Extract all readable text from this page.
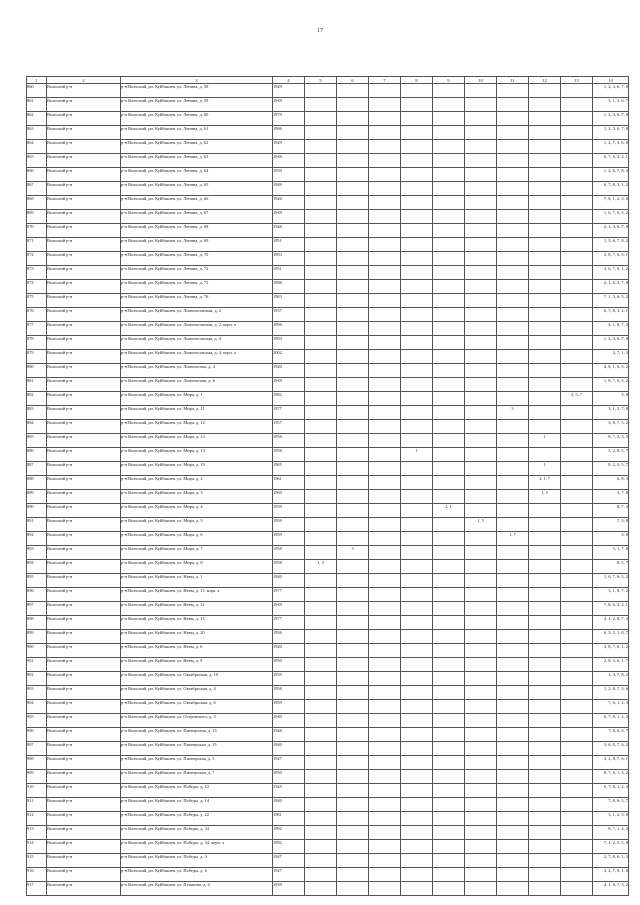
17
1	2	3	4	5	6	7	8	9	10	11	12	13	14
860	Вольский р-н	р-н Вольский, рп. Куйбышев, ул. Ленина, д. 58	1949										1, 2, 3, 6, 7, 8
861	Вольский р-н	р-н Вольский, рп. Куйбышев, ул. Ленина, д. 59	1949										3, 1, 2, 6, 7
862	Вольский р-н	р-н Вольский, рп. Куйбышев, ул. Ленина, д. 60	1979										1, 2, 3, 6, 7, 8
863	Вольский р-н	р-н Вольский, рп. Куйбышев, ул. Ленина, д. 61	1986										1, 2, 3, 6, 7, 8
864	Вольский р-н	р-н Вольский, рп. Куйбышев, ул. Ленина, д. 62	1949										1, 2, 7, 3, 6, 8
865	Вольский р-н	р-н Вольский, рп. Куйбышев, ул. Ленина, д. 63	1946										6, 7, 6, 3, 2, 1
866	Вольский р-н	р-н Вольский, рп. Куйбышев, ул. Ленина, д. 64	1950										1, 2, 6, 7, 8, 3
867	Вольский р-н	р-н Вольский, рп. Куйбышев, ул. Ленина, д. 65	1949										6, 7, 8, 3, 1, 2
868	Вольский р-н	р-н Вольский, рп. Куйбышев, ул. Ленина, д. 66	1946										7, 8, 1, 2, 3, 6
869	Вольский р-н	р-н Вольский, рп. Куйбышев, ул. Ленина, д. 67	1949										1, 6, 7, 6, 3, 2
870	Вольский р-н	р-н Вольский, рп. Куйбышев, ул. Ленина, д. 68	1946										2, 1, 3, 6, 7, 8
871	Вольский р-н	р-н Вольский, рп. Куйбышев, ул. Ленина, д. 69	1951										1, 3, 6, 7, 8, 2
872	Вольский р-н	р-н Вольский, рп. Куйбышев, ул. Ленина, д. 70	1993										2, 8, 7, 6, 3, 1
873	Вольский р-н	р-н Вольский, рп. Куйбышев, ул. Ленина, д. 72	1951										3, 6, 7, 8, 1, 2
874	Вольский р-н	р-н Вольский, рп. Куйбышев, ул. Ленина, д. 73	1986										2, 1, 6, 3, 7, 8
875	Вольский р-н	р-н Вольский, рп. Куйбышев, ул. Ленина, д. 76	1983										7, 1, 3, 6, 5, 2
876	Вольский р-н	р-н Вольский, рп. Куйбышев, ул. Ломоносовская, д. 2	1937										6, 7, 8, 3, 2, 1
877	Вольский р-н	р-н Вольский, рп. Куйбышев, ул. Ломоносовская, д. 2, корп. а	1996										4, 1, 8, 7, 3
878	Вольский р-н	р-н Вольский, рп. Куйбышев, ул. Ломоносовская, д. 4	1993										1, 2, 3, 6, 7, 8
879	Вольский р-н	р-н Вольский, рп. Куйбышев, ул. Ломоносовская, д. 4, корп. а	2002										4, 7, 1, 3
880	Вольский р-н	р-н Вольский, рп. Куйбышев, ул. Ломоносова, д. 4	1940										4, 8, 1, 6, 3, 2
881	Вольский р-н	р-н Вольский, рп. Куйбышев, ул. Ломоносова, д. 6	1949										1, 8, 7, 6, 3, 2
882	Вольский р-н	р-н Вольский, рп. Куйбышев, ул. Мира, д. 1	1982									3, 5, 7	3, 8
883	Вольский р-н	р-н Вольский, рп. Куйбышев, ул. Мира, д. 11	1977							3			3, 1, 5, 7, 8
884	Вольский р-н	р-н Вольский, рп. Куйбышев, ул. Мира, д. 12	1957										3, 8, 7, 5, 2
885	Вольский р-н	р-н Вольский, рп. Куйбышев, ул. Мира, д. 13	1956								1		8, 7, 2, 3, 5
886	Вольский р-н	р-н Вольский, рп. Куйбышев, ул. Мира, д. 14	1956				1						3, 2, 8, 5, 7
887	Вольский р-н	р-н Вольский, рп. Куйбышев, ул. Мира, д. 19	1985								1		8, 2, 3, 5, 7
888	Вольский р-н	р-н Вольский, рп. Куйбышев, ул. Мира, д. 2	1961								3, 1, 7		6, 8, 3
889	Вольский р-н	р-н Вольский, рп. Куйбышев, ул. Мира, д. 3	1960								1, 5		3, 7, 8
890	Вольский р-н	р-н Вольский, рп. Куйбышев, ул. Мира, д. 4	1959					2, 1					8, 7, 3
891	Вольский р-н	р-н Вольский, рп. Куйбышев, ул. Мира, д. 5	1959						1, 5				7, 3, 8
892	Вольский р-н	р-н Вольский, рп. Куйбышев, ул. Мира, д. 6	1959							1, 7			3, 8
893	Вольский р-н	р-н Вольский, рп. Куйбышев, ул. Мира, д. 7	1958		3								5, 1, 7, 8
894	Вольский р-н	р-н Вольский, рп. Куйбышев, ул. Мира, д. 8	1958	1, 3									8, 5, 7
895	Вольский р-н	р-н Вольский, рп. Куйбышев, ул. Невы, д. 1	1940										1, 6, 7, 6, 3, 2
896	Вольский р-н	р-н Вольский, рп. Куйбышев, ул. Невы, д. 11, корп. а	1977										3, 1, 8, 7, 2
897	Вольский р-н	р-н Вольский, рп. Куйбышев, ул. Невы, д. 12	1949										7, 8, 6, 3, 2, 1
898	Вольский р-н	р-н Вольский, рп. Куйбышев, ул. Невы, д. 13	1977										4, 1, 2, 8, 7, 3
899	Вольский р-н	р-н Вольский, рп. Куйбышев, ул. Невы, д. 20	1936										6, 3, 2, 1, 8, 7
900	Вольский р-н	р-н Вольский, рп. Куйбышев, ул. Невы, д. 6	1940										3, 8, 7, 6, 1, 2
901	Вольский р-н	р-н Вольский, рп. Куйбышев, ул. Невы, д. 9	1950										2, 8, 3, 6, 1, 7
902	Вольский р-н	р-н Вольский, рп. Куйбышев, ул. Октябрьская, д. 10	1935										1, 3, 7, 8, 2
903	Вольский р-н	р-н Вольский, рп. Куйбышев, ул. Октябрьская, д. 4	1958										1, 2, 8, 7, 3, 6
904	Вольский р-н	р-н Вольский, рп. Куйбышев, ул. Октябрьская, д. 6	1959										7, 6, 1, 2, 3
905	Вольский р-н	р-н Вольский, рп. Куйбышев, ул. Островского, д. 3	1940										6, 7, 8, 1, 2, 3
906	Вольский р-н	р-н Вольский, рп. Куйбышев, ул. Пионерская, д. 13	1946										7, 8, 6, 3, 7
907	Вольский р-н	р-н Вольский, рп. Куйбышев, ул. Пионерская, д. 15	1940										3, 6, 8, 7, 6, 2
908	Вольский р-н	р-н Вольский, рп. Куйбышев, ул. Пионерская, д. 3	1947										3, 2, 8, 7, 6, 1
909	Вольский р-н	р-н Вольский, рп. Куйбышев, ул. Пионерская, д. 7	1950										8, 7, 6, 1, 3, 2
910	Вольский р-н	р-н Вольский, рп. Куйбышев, ул. Победы, д. 12	1945										6, 7, 8, 1, 2, 3
911	Вольский р-н	р-н Вольский, рп. Куйбышев, ул. Победы, д. 14	1940										7, 8, 6, 3, 7
912	Вольский р-н	р-н Вольский, рп. Куйбышев, ул. Победы, д. 22	1981										3, 1, 2, 5, 8
913	Вольский р-н	р-н Вольский, рп. Куйбышев, ул. Победы, д. 34	1992										8, 7, 1, 4, 3
914	Вольский р-н	р-н Вольский, рп. Куйбышев, ул. Победы, д. 34, корп. а	1992										7, 1, 2, 3, 5, 8
915	Вольский р-н	р-н Вольский, рп. Куйбышев, ул. Победы, д. 4	1947										2, 7, 8, 6, 1, 3
916	Вольский р-н	р-н Вольский, рп. Куйбышев, ул. Победы, д. 6	1947										3, 2, 7, 8, 1, 6
917	Вольский р-н	р-н Вольский, рп. Куйбышев, ул. Пушкина, д. 4	1939										4, 1, 8, 7, 3, 2
